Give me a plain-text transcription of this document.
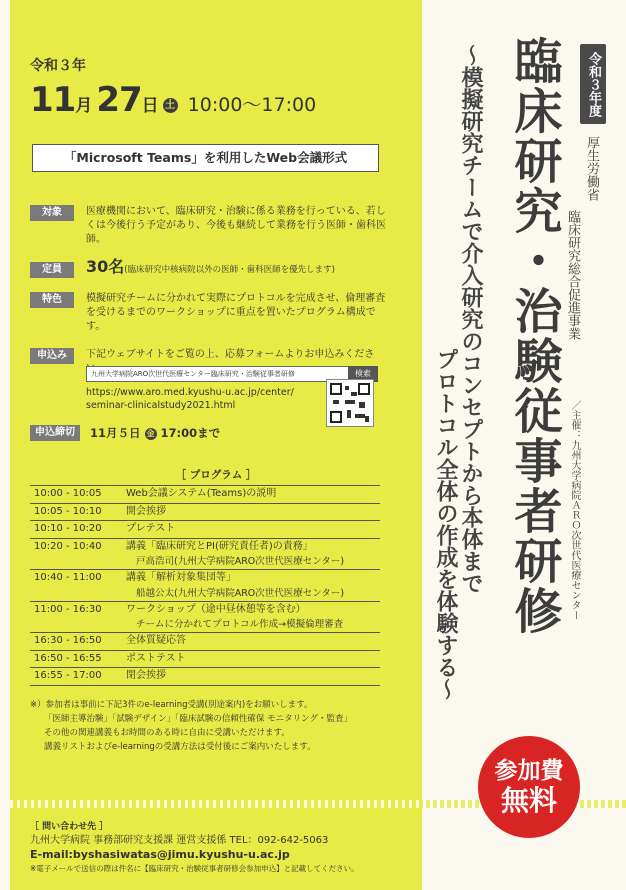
令和３年
11月 27日 土 10:00～17:00
「Microsoft Teams」を利用したWeb会議形式
対象	医療機関において、臨床研究・治験に係る業務を行っている、若しくは今後行う予定があり、今後も継続して業務を行う医師・歯科医師。
定員	30名(臨床研究中核病院以外の医師・歯科医師を優先します)
特色	模擬研究チームに分かれて実際にプロトコルを完成させ、倫理審査を受けるまでのワークショップに重点を置いたプログラム構成です。
申込み	下記ウェブサイトをご覧の上、応募フォームよりお申込みくださ
九州大学病院ARO次世代医療センター臨床研究・治験従事者研修	検索
https://www.aro.med.kyushu-u.ac.jp/center/
seminar-clinicalstudy2021.html
申込締切	11月５日 金 17:00まで
［ プログラム ］
10:00 - 10:05	Web会議システム(Teams)の説明
10:05 - 10:10	開会挨拶
10:10 - 10:20	プレテスト
10:20 - 10:40	講義「臨床研究とPI(研究責任者)の責務」
戸高浩司(九州大学病院ARO次世代医療センター)
10:40 - 11:00	講義「解析対象集団等」
船越公太(九州大学病院ARO次世代医療センター)
11:00 - 16:30	ワークショップ（途中昼休憩等を含む）
チームに分かれてプロトコル作成→模擬倫理審査
16:30 - 16:50	全体質疑応答
16:50 - 16:55	ポストテスト
16:55 - 17:00	閉会挨拶

※）参加者は事前に下記3件のe-learning受講(別途案内)をお願いします。

「医師主導治験」「試験デザイン」「臨床試験の信頼性確保 モニタリング・監査」

その他の関連講義もお時間のある時に自由に受講いただけます。

講義リストおよびe-learningの受講方法は受付後にご案内いたします。

［ 問い合わせ先 ］
九州大学病院 事務部研究支援課 運営支援係 TEL：092-642-5063
E-mail:byshasiwatas@jimu.kyushu-u.ac.jp
※電子メールで送信の際は件名に【臨床研究・治験従事者研修会参加申込】と記載してください。
令和３年度
厚生労働省
臨床研究総合促進事業
／主催：九州大学病院ＡＲＯ次世代医療センター
臨床研究・治験従事者研修
～模擬研究チームで介入研究のコンセプトから本体まで
プロトコル全体の作成を体験する～
参加費
無料
